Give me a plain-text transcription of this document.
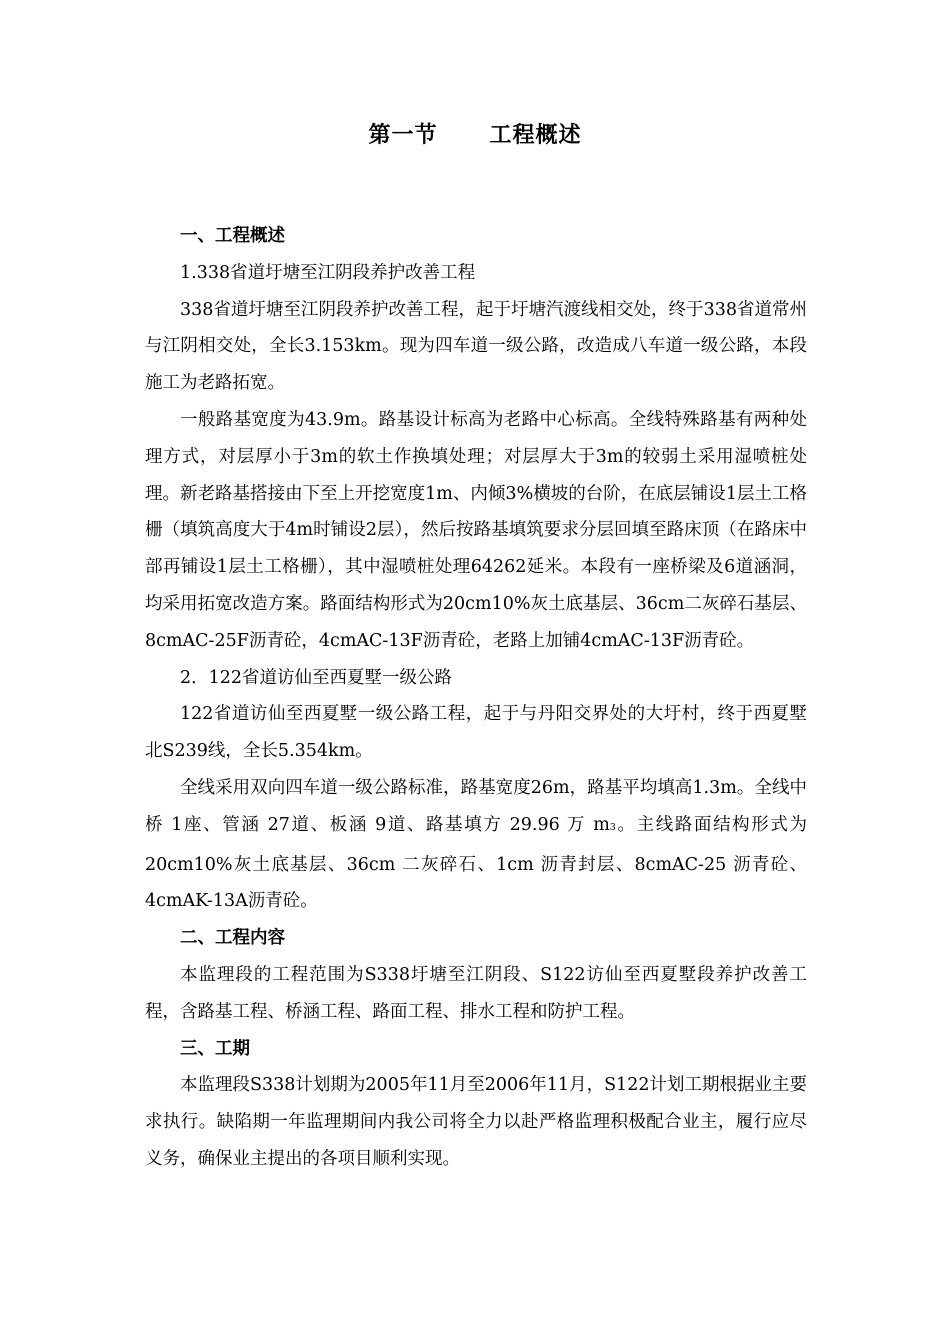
第一节      工程概述

一、工程概述

1.338省道圩塘至江阴段养护改善工程

338省道圩塘至江阴段养护改善工程，起于圩塘汽渡线相交处，终于338省道常州与江阴相交处，全长3.153km。现为四车道一级公路，改造成八车道一级公路，本段施工为老路拓宽。

一般路基宽度为43.9m。路基设计标高为老路中心标高。全线特殊路基有两种处理方式，对层厚小于3m的软土作换填处理；对层厚大于3m的较弱土采用湿喷桩处理。新老路基搭接由下至上开挖宽度1m、内倾3%横坡的台阶，在底层铺设1层土工格栅（填筑高度大于4m时铺设2层），然后按路基填筑要求分层回填至路床顶（在路床中部再铺设1层土工格栅），其中湿喷桩处理64262延米。本段有一座桥梁及6道涵洞，均采用拓宽改造方案。路面结构形式为20cm10%灰土底基层、36cm二灰碎石基层、8cmAC-25F沥青砼，4cmAC-13F沥青砼，老路上加铺4cmAC-13F沥青砼。

2．122省道访仙至西夏墅一级公路

122省道访仙至西夏墅一级公路工程，起于与丹阳交界处的大圩村，终于西夏墅北S239线，全长5.354km。

全线采用双向四车道一级公路标准，路基宽度26m，路基平均填高1.3m。全线中桥 1座、管涵 27道、板涵 9道、路基填方 29.96 万 m3。主线路面结构形式为 20cm10%灰土底基层、36cm 二灰碎石、1cm 沥青封层、8cmAC-25 沥青砼、4cmAK-13A沥青砼。

二、工程内容

本监理段的工程范围为S338圩塘至江阴段、S122访仙至西夏墅段养护改善工程，含路基工程、桥涵工程、路面工程、排水工程和防护工程。

三、工期

本监理段S338计划期为2005年11月至2006年11月，S122计划工期根据业主要求执行。缺陷期一年监理期间内我公司将全力以赴严格监理积极配合业主，履行应尽义务，确保业主提出的各项目顺利实现。
